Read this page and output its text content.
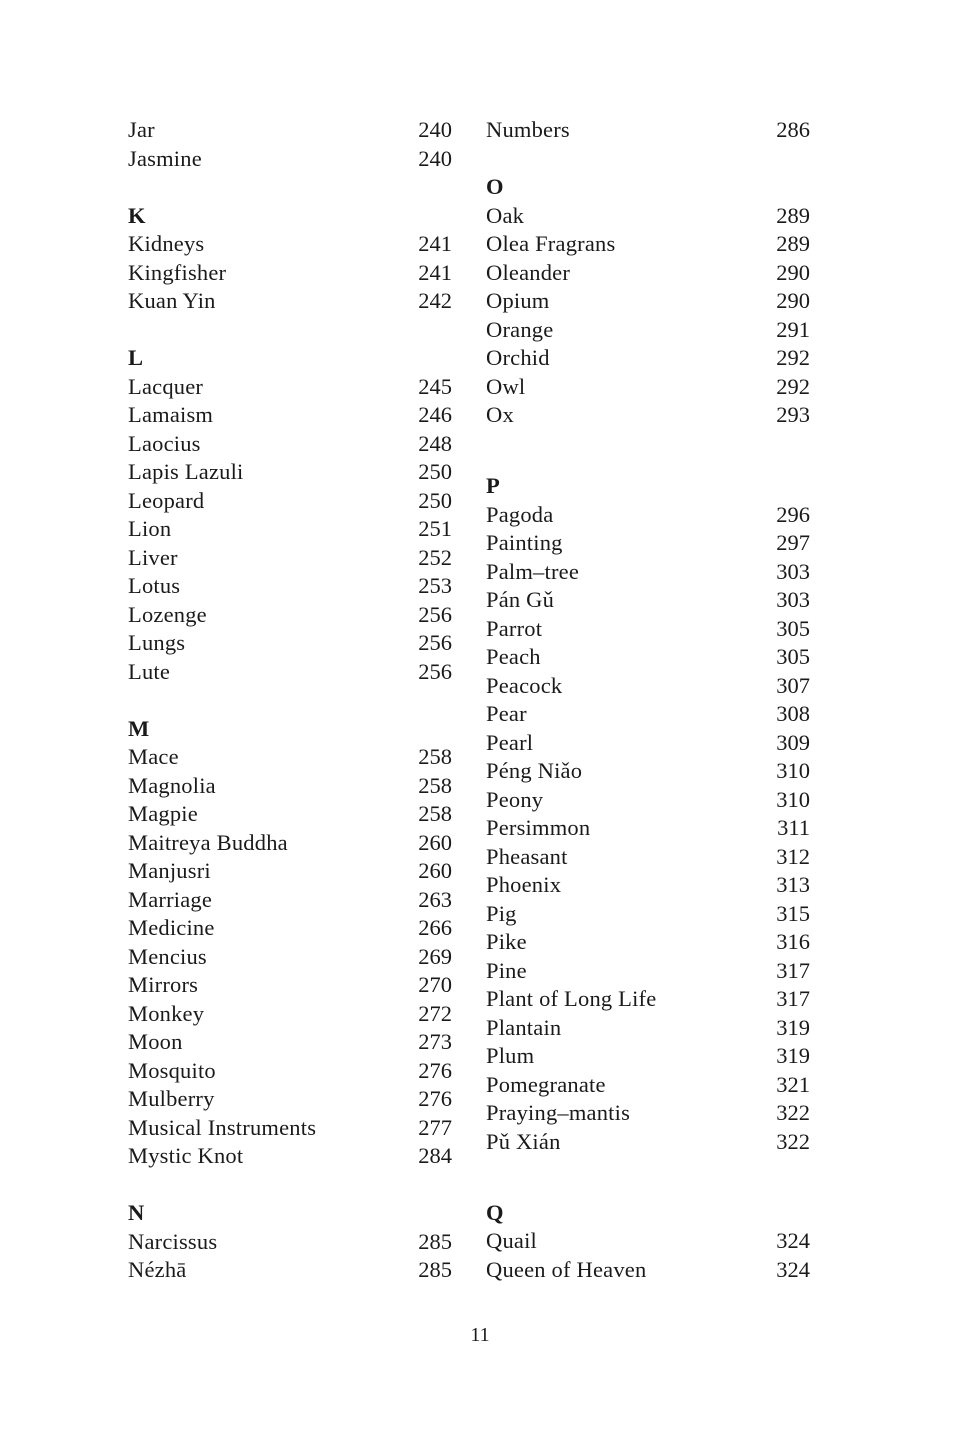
Jar	240
Jasmine	240
K
Kidneys	241
Kingfisher	241
Kuan Yin	242
L
Lacquer	245
Lamaism	246
Laocius	248
Lapis Lazuli	250
Leopard	250
Lion	251
Liver	252
Lotus	253
Lozenge	256
Lungs	256
Lute	256
M
Mace	258
Magnolia	258
Magpie	258
Maitreya Buddha	260
Manjusri	260
Marriage	263
Medicine	266
Mencius	269
Mirrors	270
Monkey	272
Moon	273
Mosquito	276
Mulberry	276
Musical Instruments	277
Mystic Knot	284
N
Narcissus	285
Nézhā	285
Numbers	286
O
Oak	289
Olea Fragrans	289
Oleander	290
Opium	290
Orange	291
Orchid	292
Owl	292
Ox	293
P
Pagoda	296
Painting	297
Palm–tree	303
Pán Gǔ	303
Parrot	305
Peach	305
Peacock	307
Pear	308
Pearl	309
Péng Niǎo	310
Peony	310
Persimmon	311
Pheasant	312
Phoenix	313
Pig	315
Pike	316
Pine	317
Plant of Long Life	317
Plantain	319
Plum	319
Pomegranate	321
Praying–mantis	322
Pǔ Xián	322
Q
Quail	324
Queen of Heaven	324
11
